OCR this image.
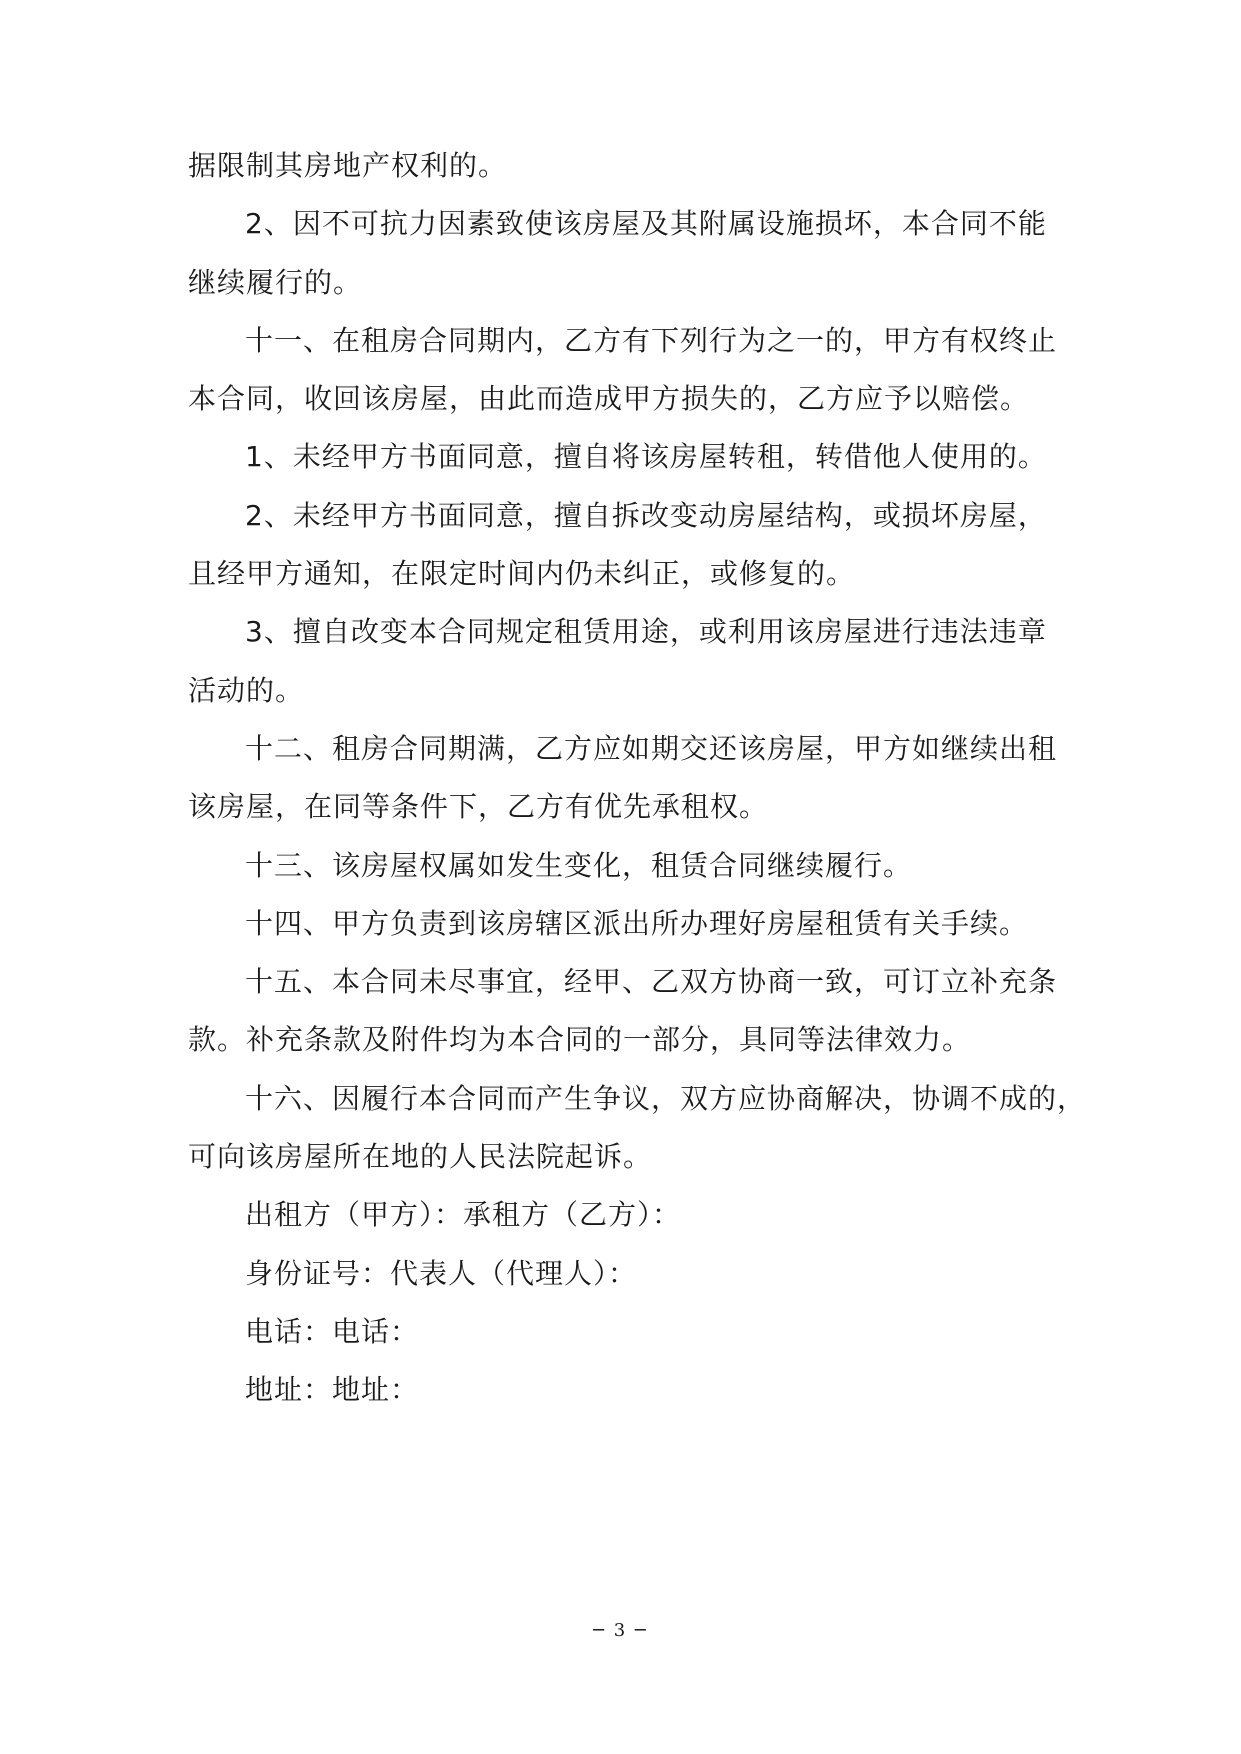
据限制其房地产权利的。
2、因不可抗力因素致使该房屋及其附属设施损坏，本合同不能
继续履行的。
十一、在租房合同期内，乙方有下列行为之一的，甲方有权终止
本合同，收回该房屋，由此而造成甲方损失的，乙方应予以赔偿。
1、未经甲方书面同意，擅自将该房屋转租，转借他人使用的。
2、未经甲方书面同意，擅自拆改变动房屋结构，或损坏房屋，
且经甲方通知，在限定时间内仍未纠正，或修复的。
3、擅自改变本合同规定租赁用途，或利用该房屋进行违法违章
活动的。
十二、租房合同期满，乙方应如期交还该房屋，甲方如继续出租
该房屋，在同等条件下，乙方有优先承租权。
十三、该房屋权属如发生变化，租赁合同继续履行。
十四、甲方负责到该房辖区派出所办理好房屋租赁有关手续。
十五、本合同未尽事宜，经甲、乙双方协商一致，可订立补充条
款。补充条款及附件均为本合同的一部分，具同等法律效力。
十六、因履行本合同而产生争议，双方应协商解决，协调不成的，
可向该房屋所在地的人民法院起诉。
出租方（甲方）：承租方（乙方）：
身份证号：代表人（代理人）：
电话：电话：
地址：地址：
─ 3 ─
